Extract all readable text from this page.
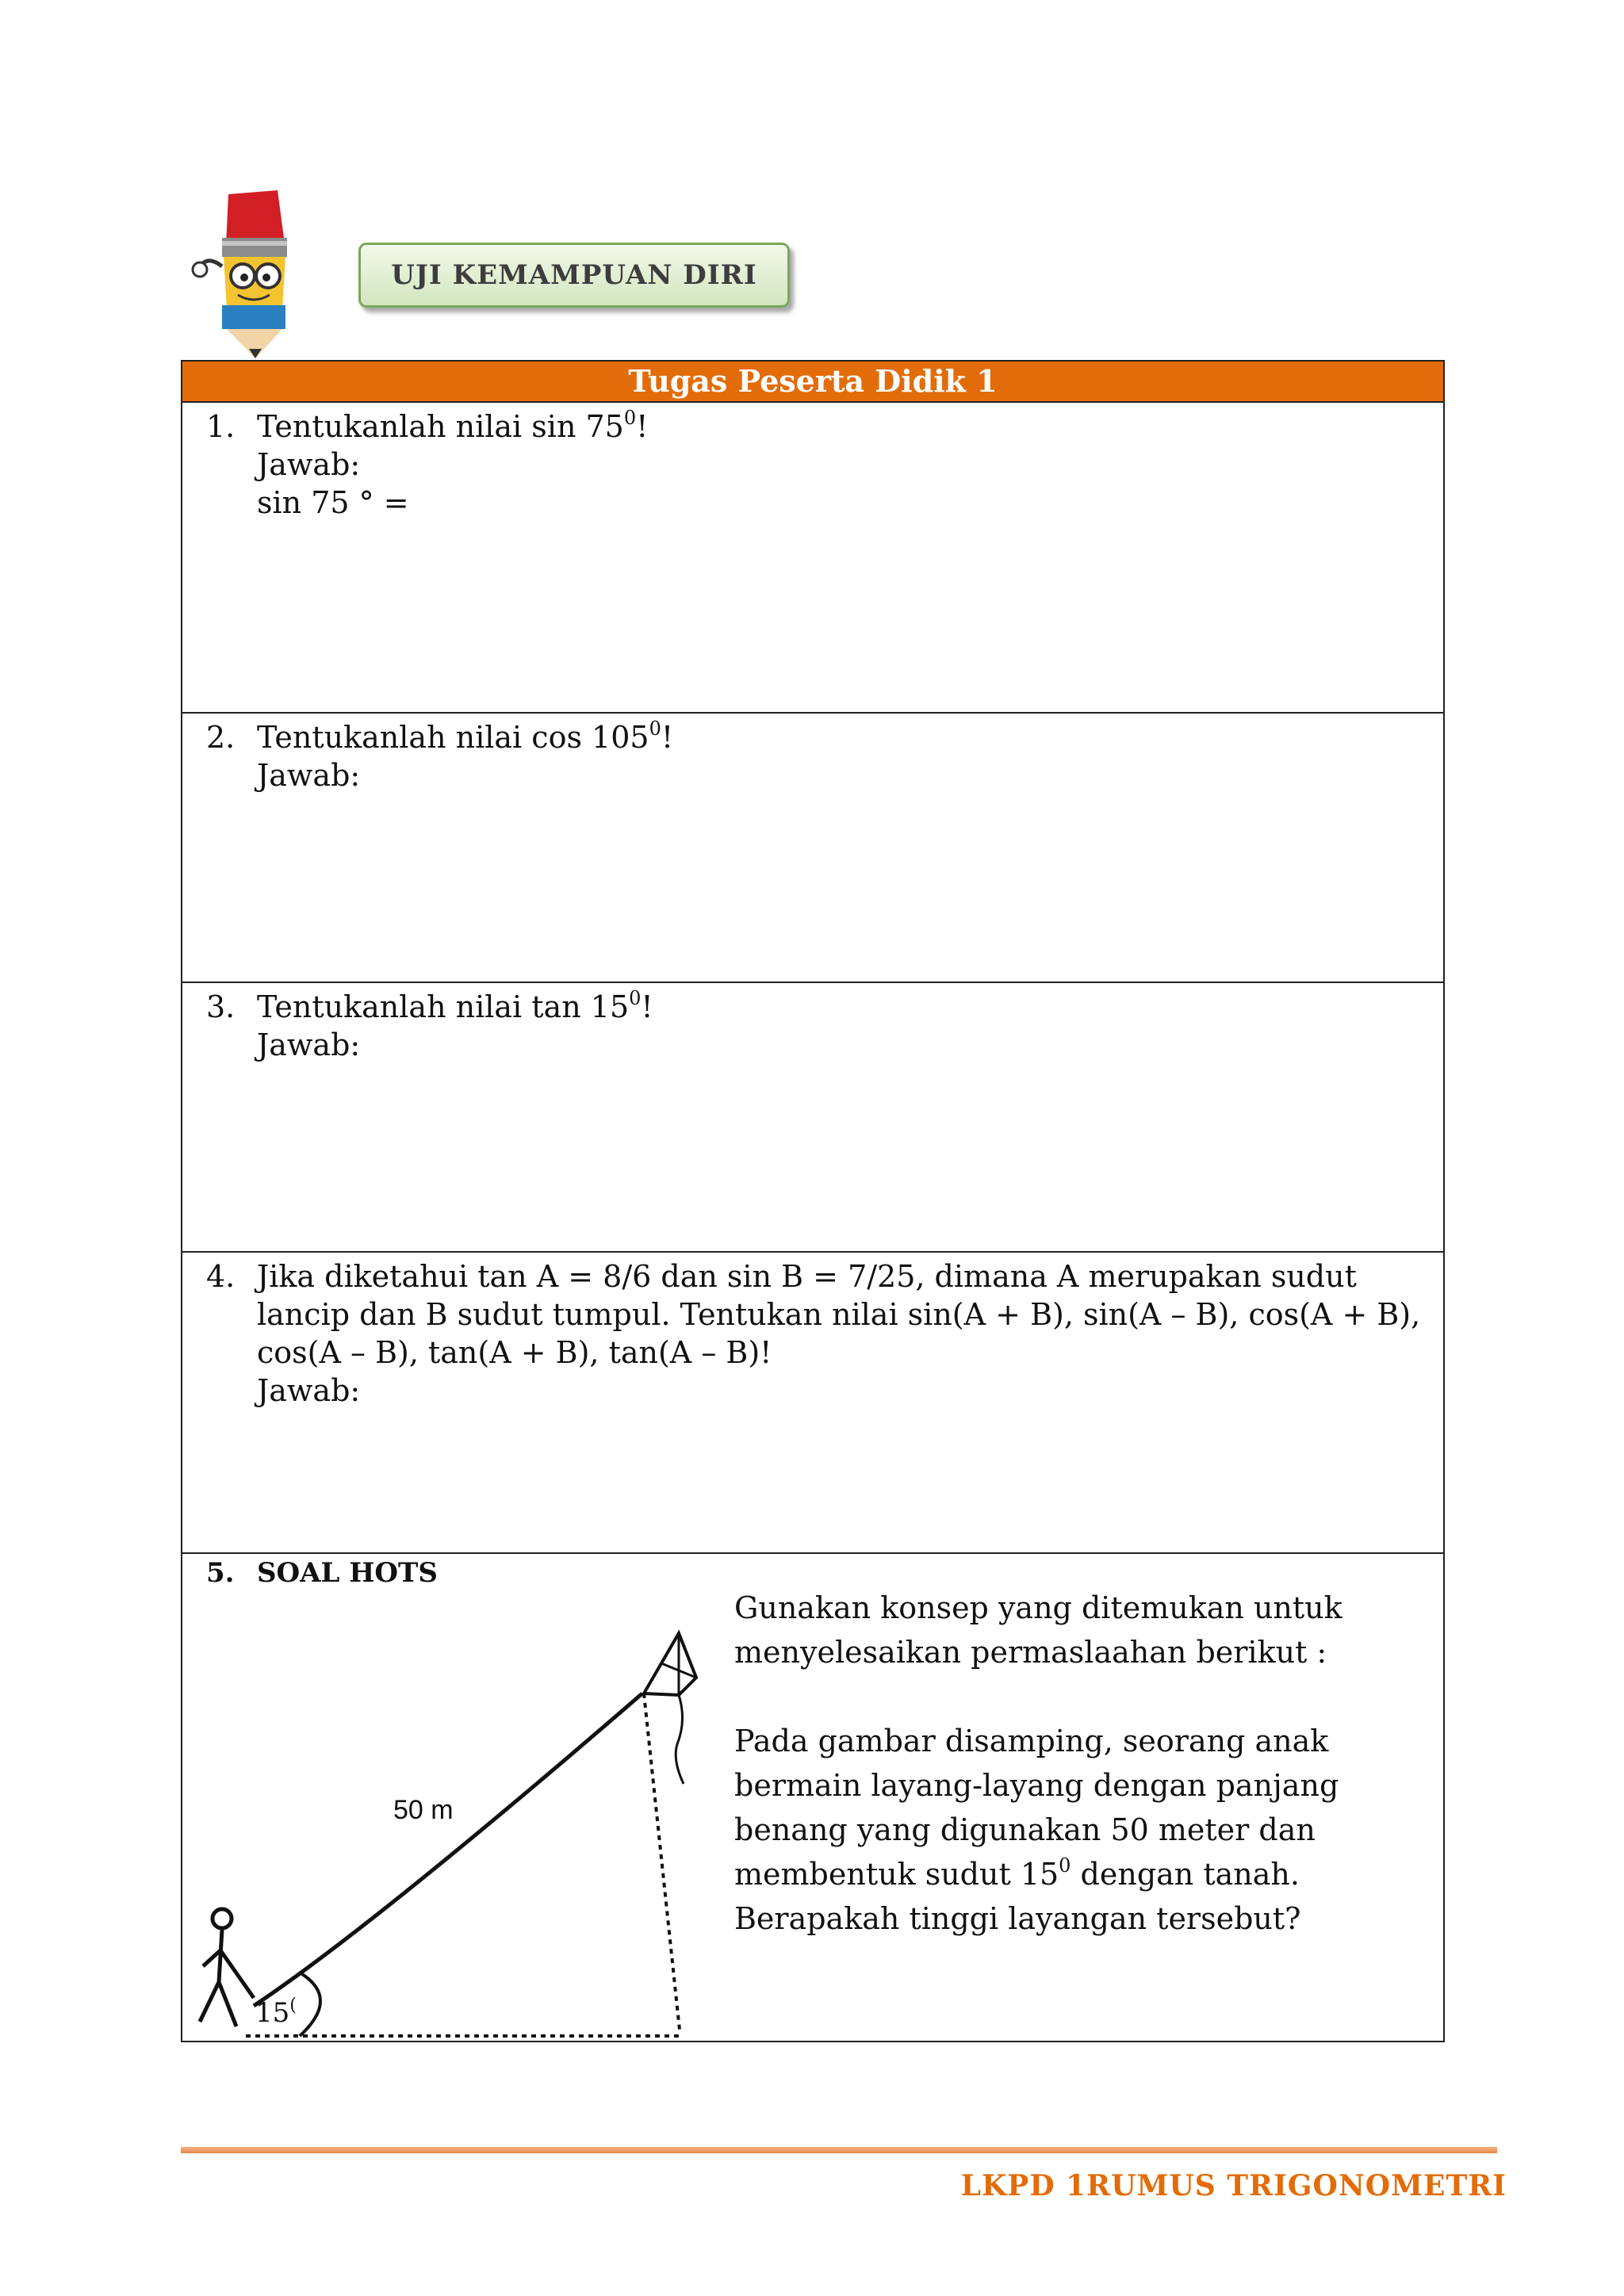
UJI KEMAMPUAN DIRI
Tugas Peserta Didik 1
1. Tentukanlah nilai $\sin 75^0$!
Jawab:
sin 75 ° =
2. Tentukanlah nilai $\cos 105^0$!
Jawab:
3. Tentukanlah nilai $\tan 15^0$!
Jawab:
4. Jika diketahui tan A = 8/6 dan sin B = 7/25, dimana A merupakan sudut lancip dan B sudut tumpul. Tentukan nilai sin(A + B), sin(A – B), cos(A + B), cos(A – B), tan(A + B), tan(A – B)!
Jawab:
5. SOAL HOTS
50 m
15(

Gunakan konsep yang ditemukan untuk menyelesaikan permaslaahan berikut :

Pada gambar disamping, seorang anak bermain layang-layang dengan panjang benang yang digunakan 50 meter dan membentuk sudut $15^0$ dengan tanah. Berapakah tinggi layangan tersebut?

LKPD 1RUMUS TRIGONOMETRI
